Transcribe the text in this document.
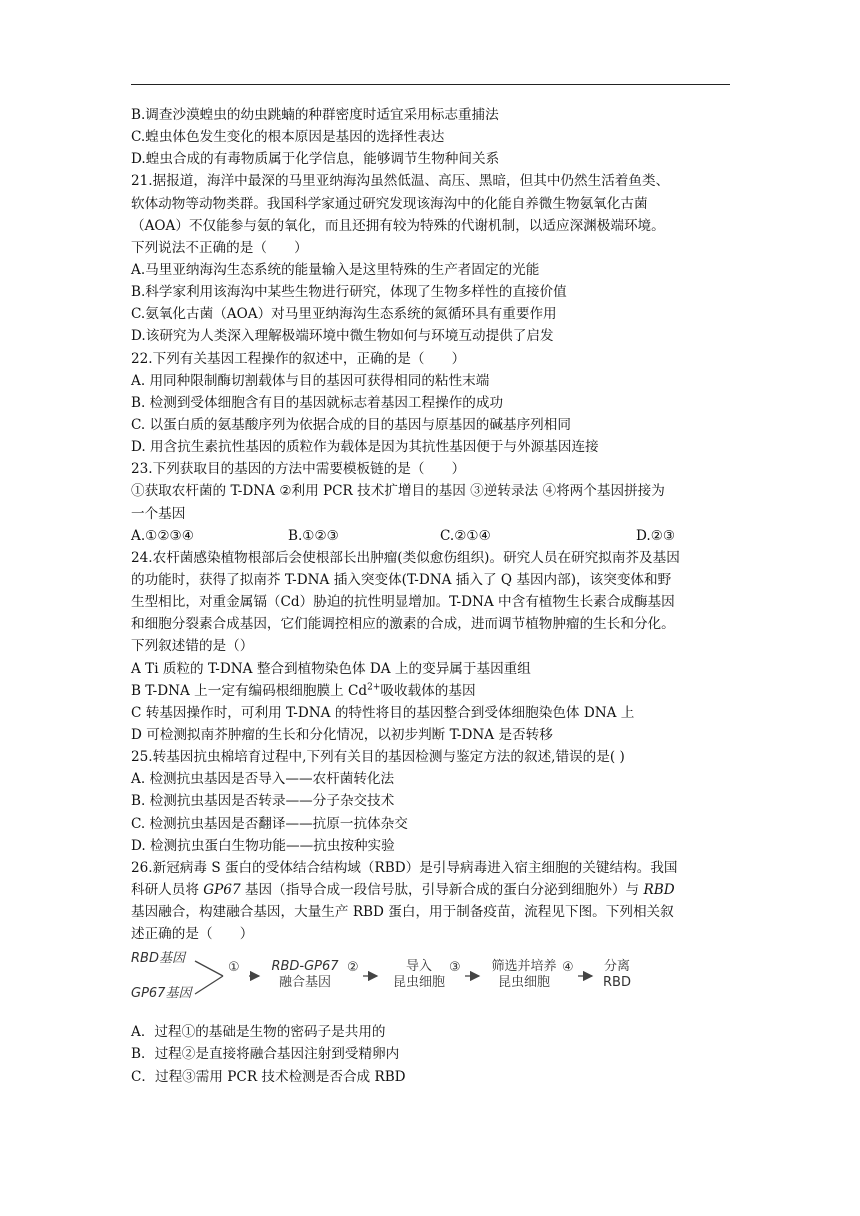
B.调查沙漠蝗虫的幼虫跳蝻的种群密度时适宜采用标志重捕法
C.蝗虫体色发生变化的根本原因是基因的选择性表达
D.蝗虫合成的有毒物质属于化学信息，能够调节生物种间关系
21.据报道，海洋中最深的马里亚纳海沟虽然低温、高压、黑暗，但其中仍然生活着鱼类、
软体动物等动物类群。我国科学家通过研究发现该海沟中的化能自养微生物氨氧化古菌
（AOA）不仅能参与氨的氧化，而且还拥有较为特殊的代谢机制，以适应深渊极端环境。
下列说法不正确的是（　　）
A.马里亚纳海沟生态系统的能量输入是这里特殊的生产者固定的光能
B.科学家利用该海沟中某些生物进行研究，体现了生物多样性的直接价值
C.氨氧化古菌（AOA）对马里亚纳海沟生态系统的氮循环具有重要作用
D.该研究为人类深入理解极端环境中微生物如何与环境互动提供了启发
22.下列有关基因工程操作的叙述中，正确的是（　　）
A. 用同种限制酶切割载体与目的基因可获得相同的粘性末端
B. 检测到受体细胞含有目的基因就标志着基因工程操作的成功
C. 以蛋白质的氨基酸序列为依据合成的目的基因与原基因的碱基序列相同
D. 用含抗生素抗性基因的质粒作为载体是因为其抗性基因便于与外源基因连接
23.下列获取目的基因的方法中需要模板链的是（　　）
①获取农杆菌的 T-DNA ②利用 PCR 技术扩增目的基因 ③逆转录法 ④将两个基因拼接为
一个基因
A.①②③④	B.①②③	C.②①④	D.②③
24.农杆菌感染植物根部后会使根部长出肿瘤(类似愈伤组织)。研究人员在研究拟南芥及基因
的功能时，获得了拟南芥 T-DNA 插入突变体(T-DNA 插入了 Q 基因内部)，该突变体和野
生型相比，对重金属镉（Cd）胁迫的抗性明显增加。T-DNA 中含有植物生长素合成酶基因
和细胞分裂素合成基因，它们能调控相应的激素的合成，进而调节植物肿瘤的生长和分化。
下列叙述错的是（）
A Ti 质粒的 T-DNA 整合到植物染色体 DA 上的变异属于基因重组
B T-DNA 上一定有编码根细胞膜上 $Cd^{2+}$吸收载体的基因
C 转基因操作时，可利用 T-DNA 的特性将目的基因整合到受体细胞染色体 DNA 上
D 可检测拟南芥肿瘤的生长和分化情况，以初步判断 T-DNA 是否转移
25.转基因抗虫棉培育过程中,下列有关目的基因检测与鉴定方法的叙述,错误的是( )
A. 检测抗虫基因是否导入——农杆菌转化法
B. 检测抗虫基因是否转录——分子杂交技术
C. 检测抗虫基因是否翻译——抗原一抗体杂交
D. 检测抗虫蛋白生物功能——抗虫按种实验
26.新冠病毒 S 蛋白的受体结合结构域（RBD）是引导病毒进入宿主细胞的关键结构。我国
科研人员将 GP67 基因（指导合成一段信号肽，引导新合成的蛋白分泌到细胞外）与 RBD
基因融合，构建融合基因，大量生产 RBD 蛋白，用于制备疫苗，流程见下图。下列相关叙
述正确的是（　　）
RBD基因
GP67基因
①	RBD-GP67
融合基因
②	导入
昆虫细胞
③	筛选并培养
昆虫细胞
④	分离
RBD
A．过程①的基础是生物的密码子是共用的
B．过程②是直接将融合基因注射到受精卵内
C．过程③需用 PCR 技术检测是否合成 RBD
